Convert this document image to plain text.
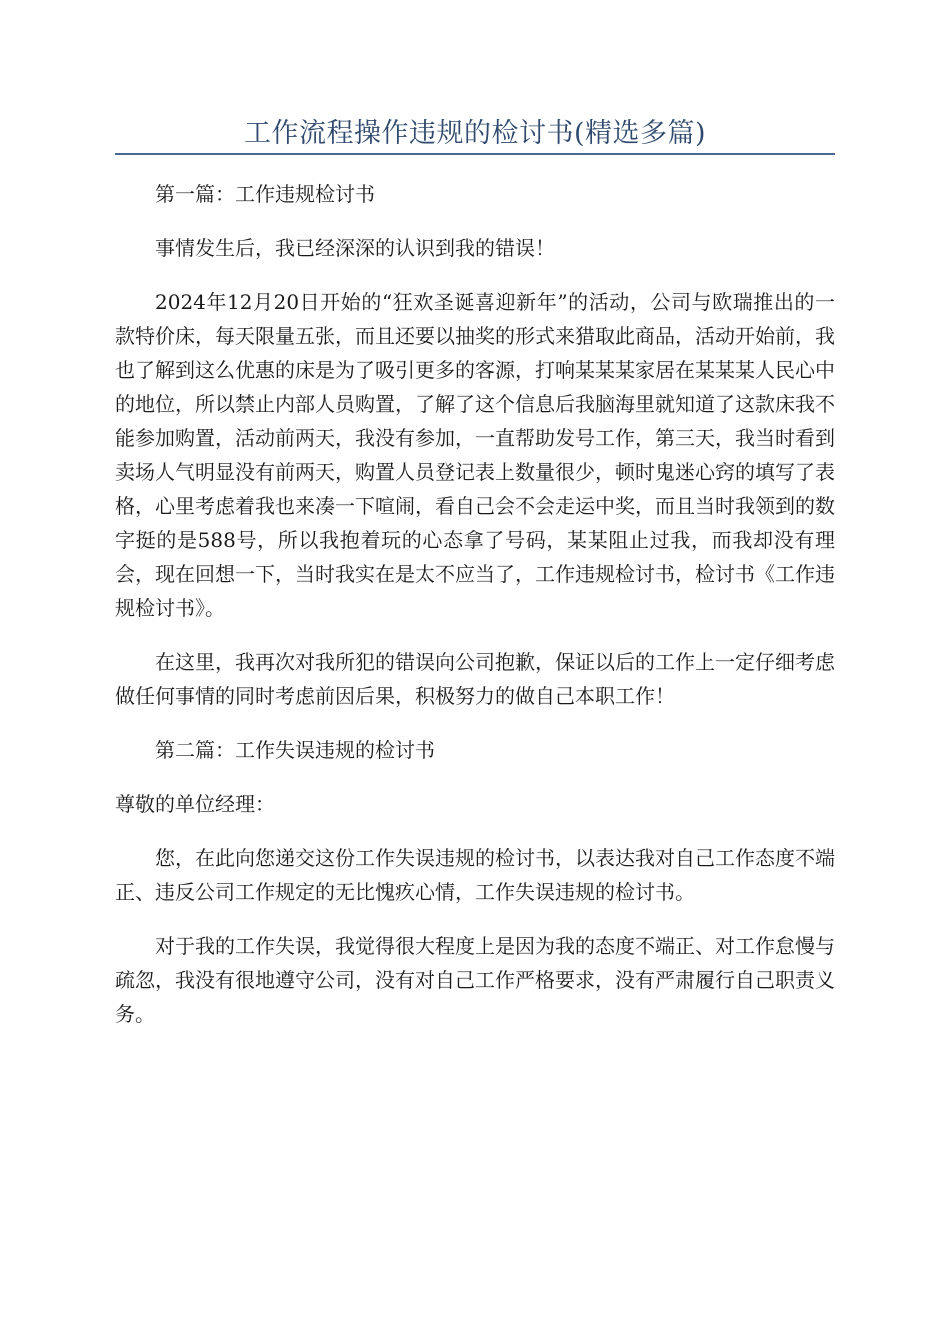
工作流程操作违规的检讨书(精选多篇)

第一篇：工作违规检讨书

事情发生后，我已经深深的认识到我的错误！

2024年12月20日开始的“狂欢圣诞喜迎新年”的活动，公司与欧瑞推出的一款特价床，每天限量五张，而且还要以抽奖的形式来猎取此商品，活动开始前，我也了解到这么优惠的床是为了吸引更多的客源，打响某某某家居在某某某人民心中的地位，所以禁止内部人员购置，了解了这个信息后我脑海里就知道了这款床我不能参加购置，活动前两天，我没有参加，一直帮助发号工作，第三天，我当时看到卖场人气明显没有前两天，购置人员登记表上数量很少，顿时鬼迷心窍的填写了表格，心里考虑着我也来凑一下喧闹，看自己会不会走运中奖，而且当时我领到的数字挺的是588号，所以我抱着玩的心态拿了号码，某某阻止过我，而我却没有理会，现在回想一下，当时我实在是太不应当了，工作违规检讨书，检讨书《工作违规检讨书》。

在这里，我再次对我所犯的错误向公司抱歉，保证以后的工作上一定仔细考虑做任何事情的同时考虑前因后果，积极努力的做自己本职工作！

第二篇：工作失误违规的检讨书

尊敬的单位经理：

您，在此向您递交这份工作失误违规的检讨书，以表达我对自己工作态度不端正、违反公司工作规定的无比愧疚心情，工作失误违规的检讨书。

对于我的工作失误，我觉得很大程度上是因为我的态度不端正、对工作怠慢与疏忽，我没有很地遵守公司，没有对自己工作严格要求，没有严肃履行自己职责义务。
